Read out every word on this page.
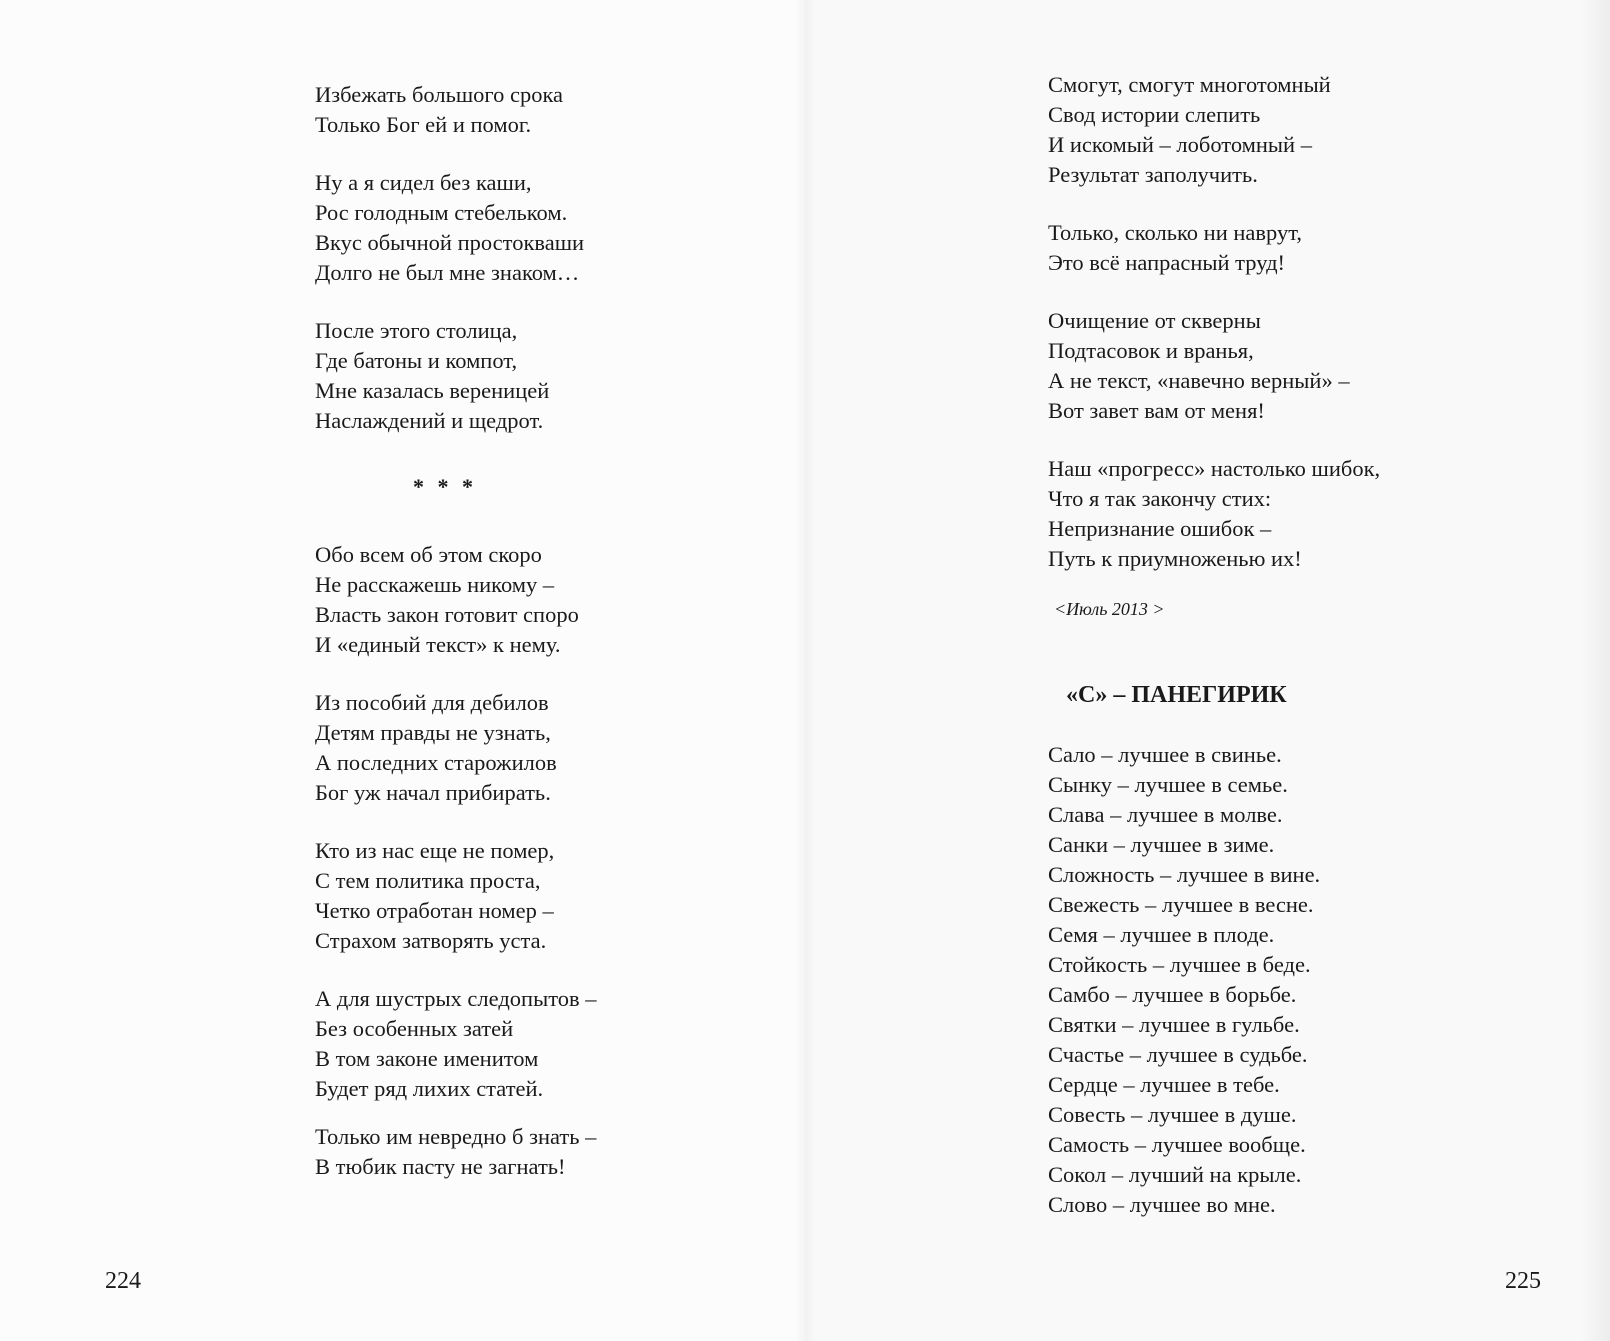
Избежать большого срока
Только Бог ей и помог.
Ну а я сидел без каши,
Рос голодным стебельком.
Вкус обычной простокваши
Долго не был мне знаком…
После этого столица,
Где батоны и компот,
Мне казалась вереницей
Наслаждений и щедрот.
* * *
Обо всем об этом скоро
Не расскажешь никому –
Власть закон готовит споро
И «единый текст» к нему.
Из пособий для дебилов
Детям правды не узнать,
А последних старожилов
Бог уж начал прибирать.
Кто из нас еще не помер,
С тем политика проста,
Четко отработан номер –
Страхом затворять уста.
А для шустрых следопытов –
Без особенных затей
В том законе именитом
Будет ряд лихих статей.
Только им невредно б знать –
В тюбик пасту не загнать!
224
Смогут, смогут многотомный
Свод истории слепить
И искомый – лоботомный –
Результат заполучить.
Только, сколько ни наврут,
Это всё напрасный труд!
Очищение от скверны
Подтасовок и вранья,
А не текст, «навечно верный» –
Вот завет вам от меня!
Наш «прогресс» настолько шибок,
Что я так закончу стих:
Непризнание ошибок –
Путь к приумноженью их!
<Июль 2013 >
«С» – ПАНЕГИРИК
Сало – лучшее в свинье.
Сынку – лучшее в семье.
Слава – лучшее в молве.
Санки – лучшее в зиме.
Сложность – лучшее в вине.
Свежесть – лучшее в весне.
Семя – лучшее в плоде.
Стойкость – лучшее в беде.
Самбо – лучшее в борьбе.
Святки – лучшее в гульбе.
Счастье – лучшее в судьбе.
Сердце – лучшее в тебе.
Совесть – лучшее в душе.
Самость – лучшее вообще.
Сокол – лучший на крыле.
Слово – лучшее во мне.
225
